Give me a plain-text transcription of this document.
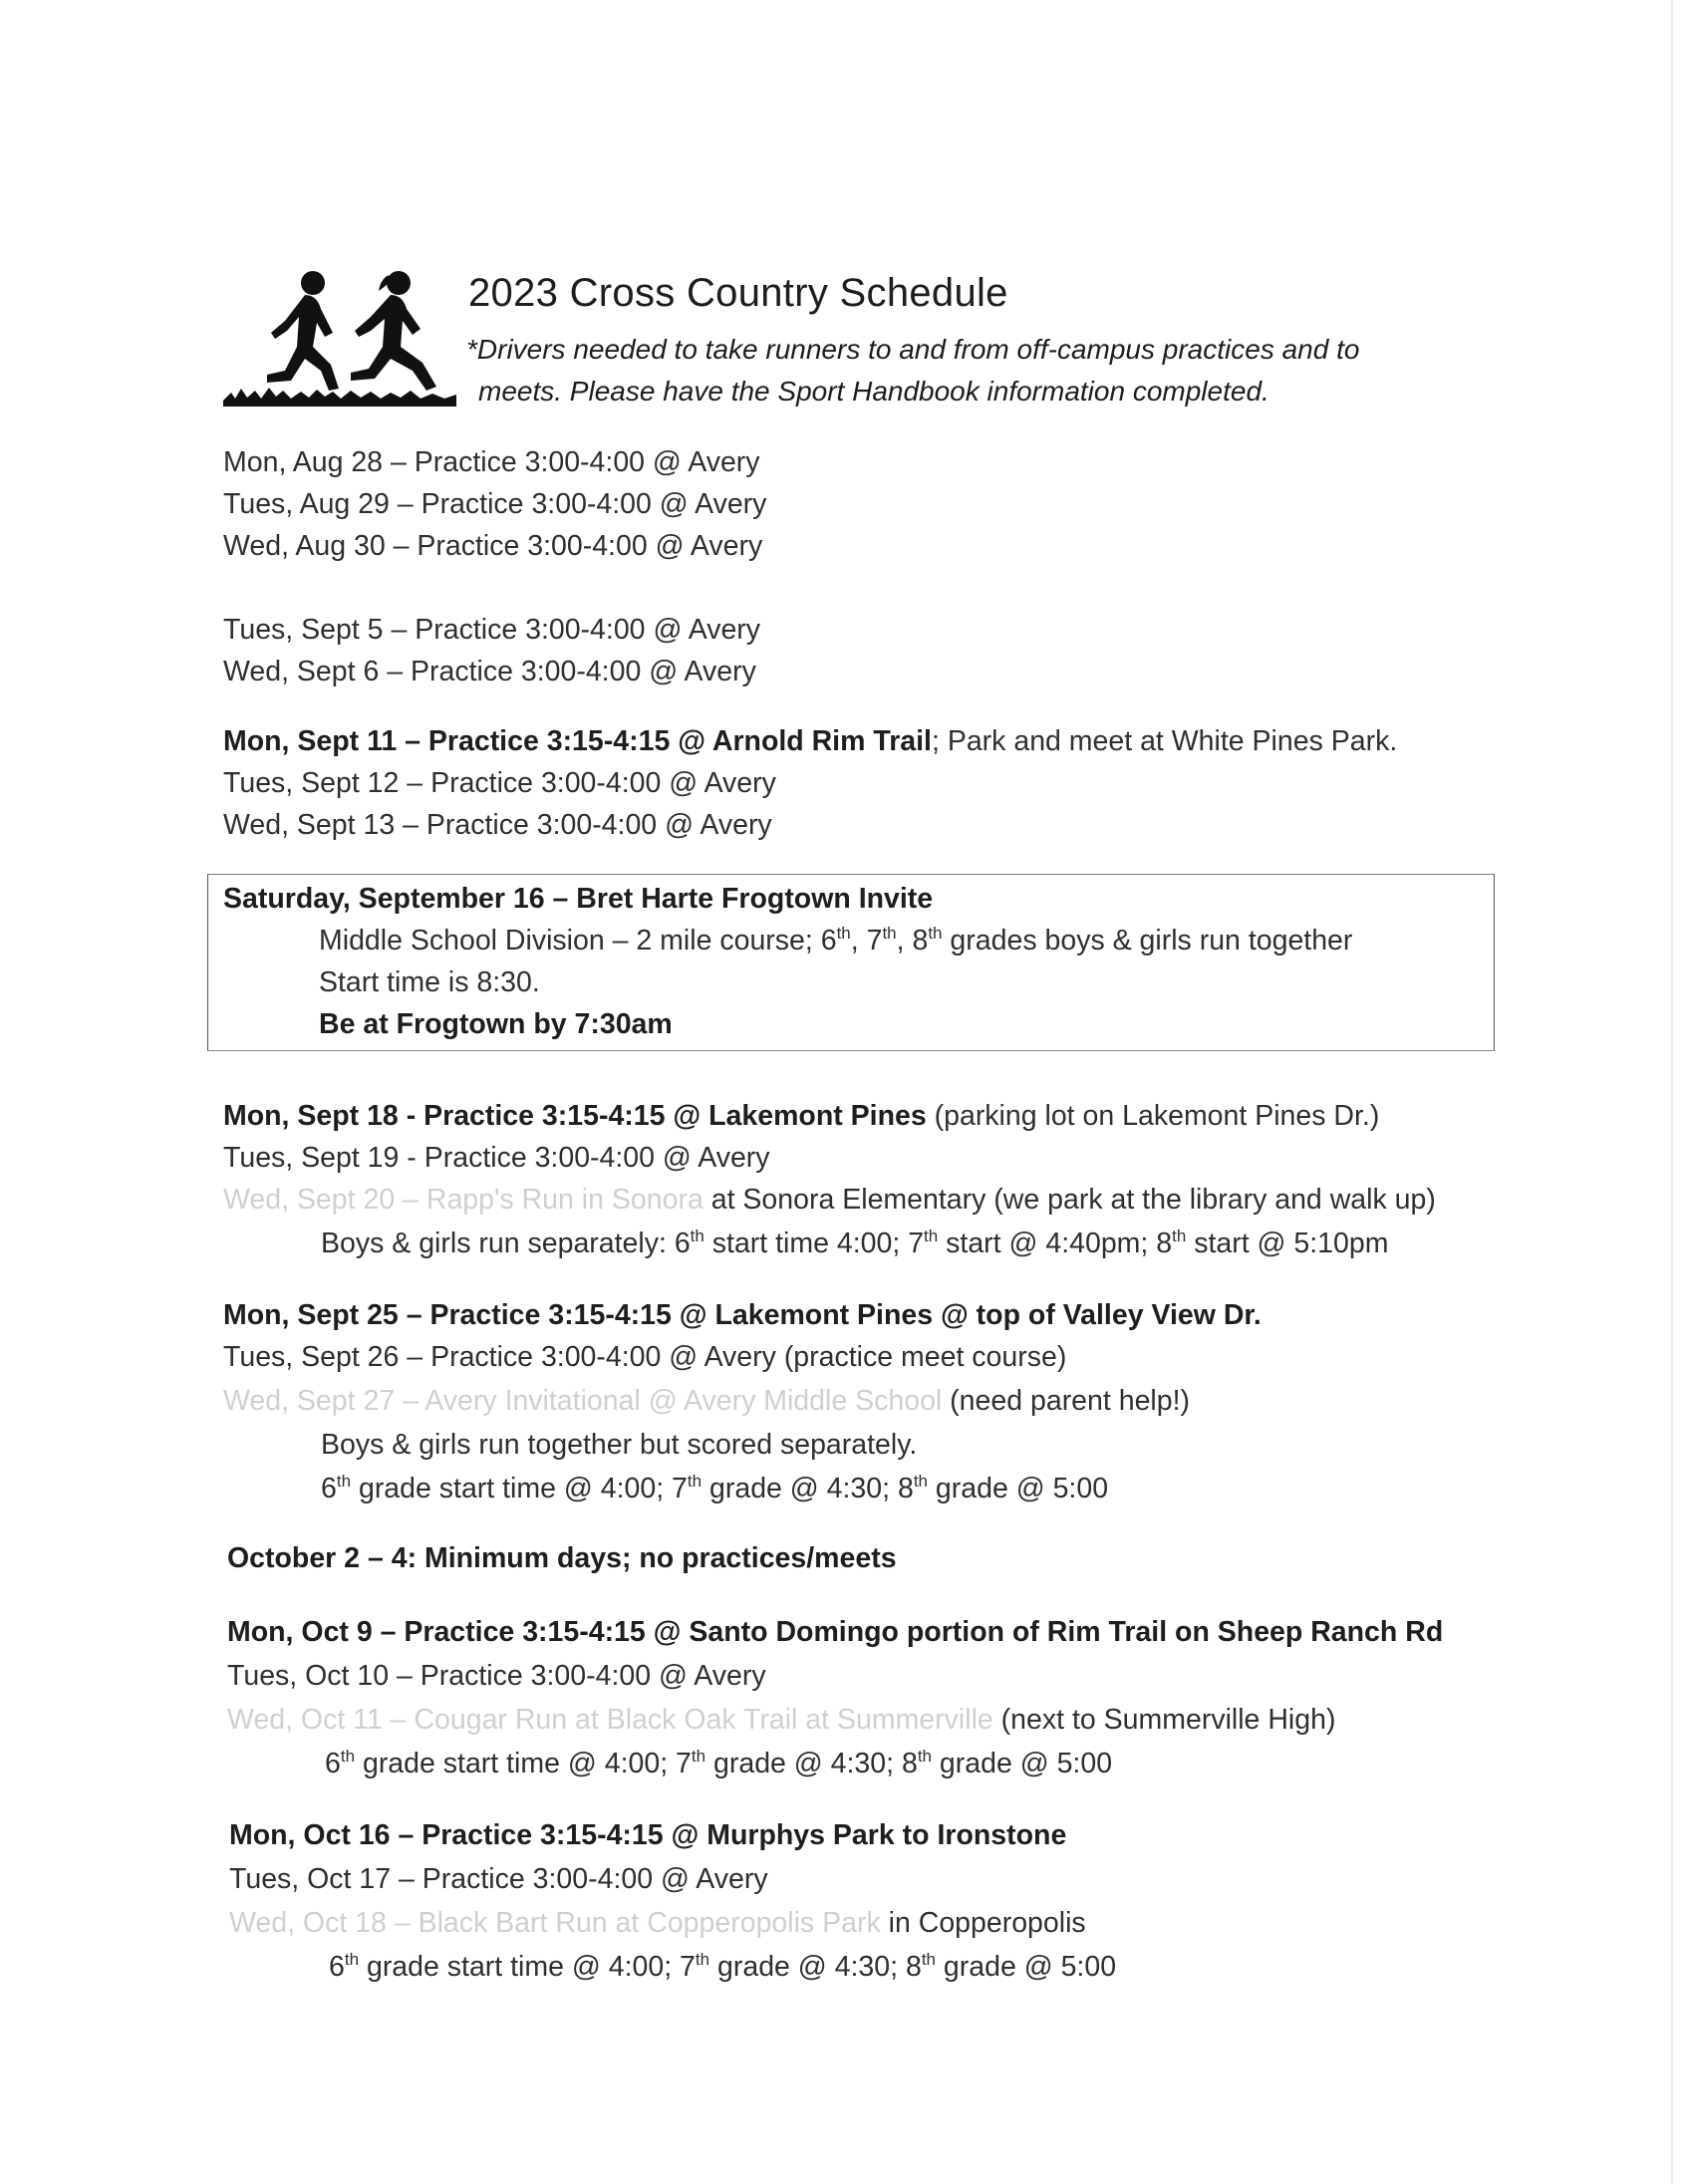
2023 Cross Country Schedule

*Drivers needed to take runners to and from off-campus practices and to
meets. Please have the Sport Handbook information completed.

Mon, Aug 28 – Practice 3:00-4:00 @ Avery

Tues, Aug 29 – Practice 3:00-4:00 @ Avery

Wed, Aug 30 – Practice 3:00-4:00 @ Avery

Tues, Sept 5 – Practice 3:00-4:00 @ Avery

Wed, Sept 6 – Practice 3:00-4:00 @ Avery

Mon, Sept 11 – Practice 3:15-4:15 @ Arnold Rim Trail; Park and meet at White Pines Park.

Tues, Sept 12 – Practice 3:00-4:00 @ Avery

Wed, Sept 13 – Practice 3:00-4:00 @ Avery

Saturday, September 16 – Bret Harte Frogtown Invite

Middle School Division – 2 mile course; 6th, 7th, 8th grades boys & girls run together

Start time is 8:30.

Be at Frogtown by 7:30am

Mon, Sept 18 - Practice 3:15-4:15 @ Lakemont Pines (parking lot on Lakemont Pines Dr.)

Tues, Sept 19 - Practice 3:00-4:00 @ Avery

Wed, Sept 20 – Rapp's Run in Sonora at Sonora Elementary (we park at the library and walk up)

Boys & girls run separately: 6th start time 4:00; 7th start @ 4:40pm; 8th start @ 5:10pm

Mon, Sept 25 – Practice 3:15-4:15 @ Lakemont Pines @ top of Valley View Dr.

Tues, Sept 26 – Practice 3:00-4:00 @ Avery (practice meet course)

Wed, Sept 27 – Avery Invitational @ Avery Middle School (need parent help!)

Boys & girls run together but scored separately.

6th grade start time @ 4:00; 7th grade @ 4:30; 8th grade @ 5:00

October 2 – 4: Minimum days; no practices/meets

Mon, Oct 9 – Practice 3:15-4:15 @ Santo Domingo portion of Rim Trail on Sheep Ranch Rd

Tues, Oct 10 – Practice 3:00-4:00 @ Avery

Wed, Oct 11 – Cougar Run at Black Oak Trail at Summerville (next to Summerville High)

6th grade start time @ 4:00; 7th grade @ 4:30; 8th grade @ 5:00

Mon, Oct 16 – Practice 3:15-4:15 @ Murphys Park to Ironstone

Tues, Oct 17 – Practice 3:00-4:00 @ Avery

Wed, Oct 18 – Black Bart Run at Copperopolis Park in Copperopolis

6th grade start time @ 4:00; 7th grade @ 4:30; 8th grade @ 5:00
